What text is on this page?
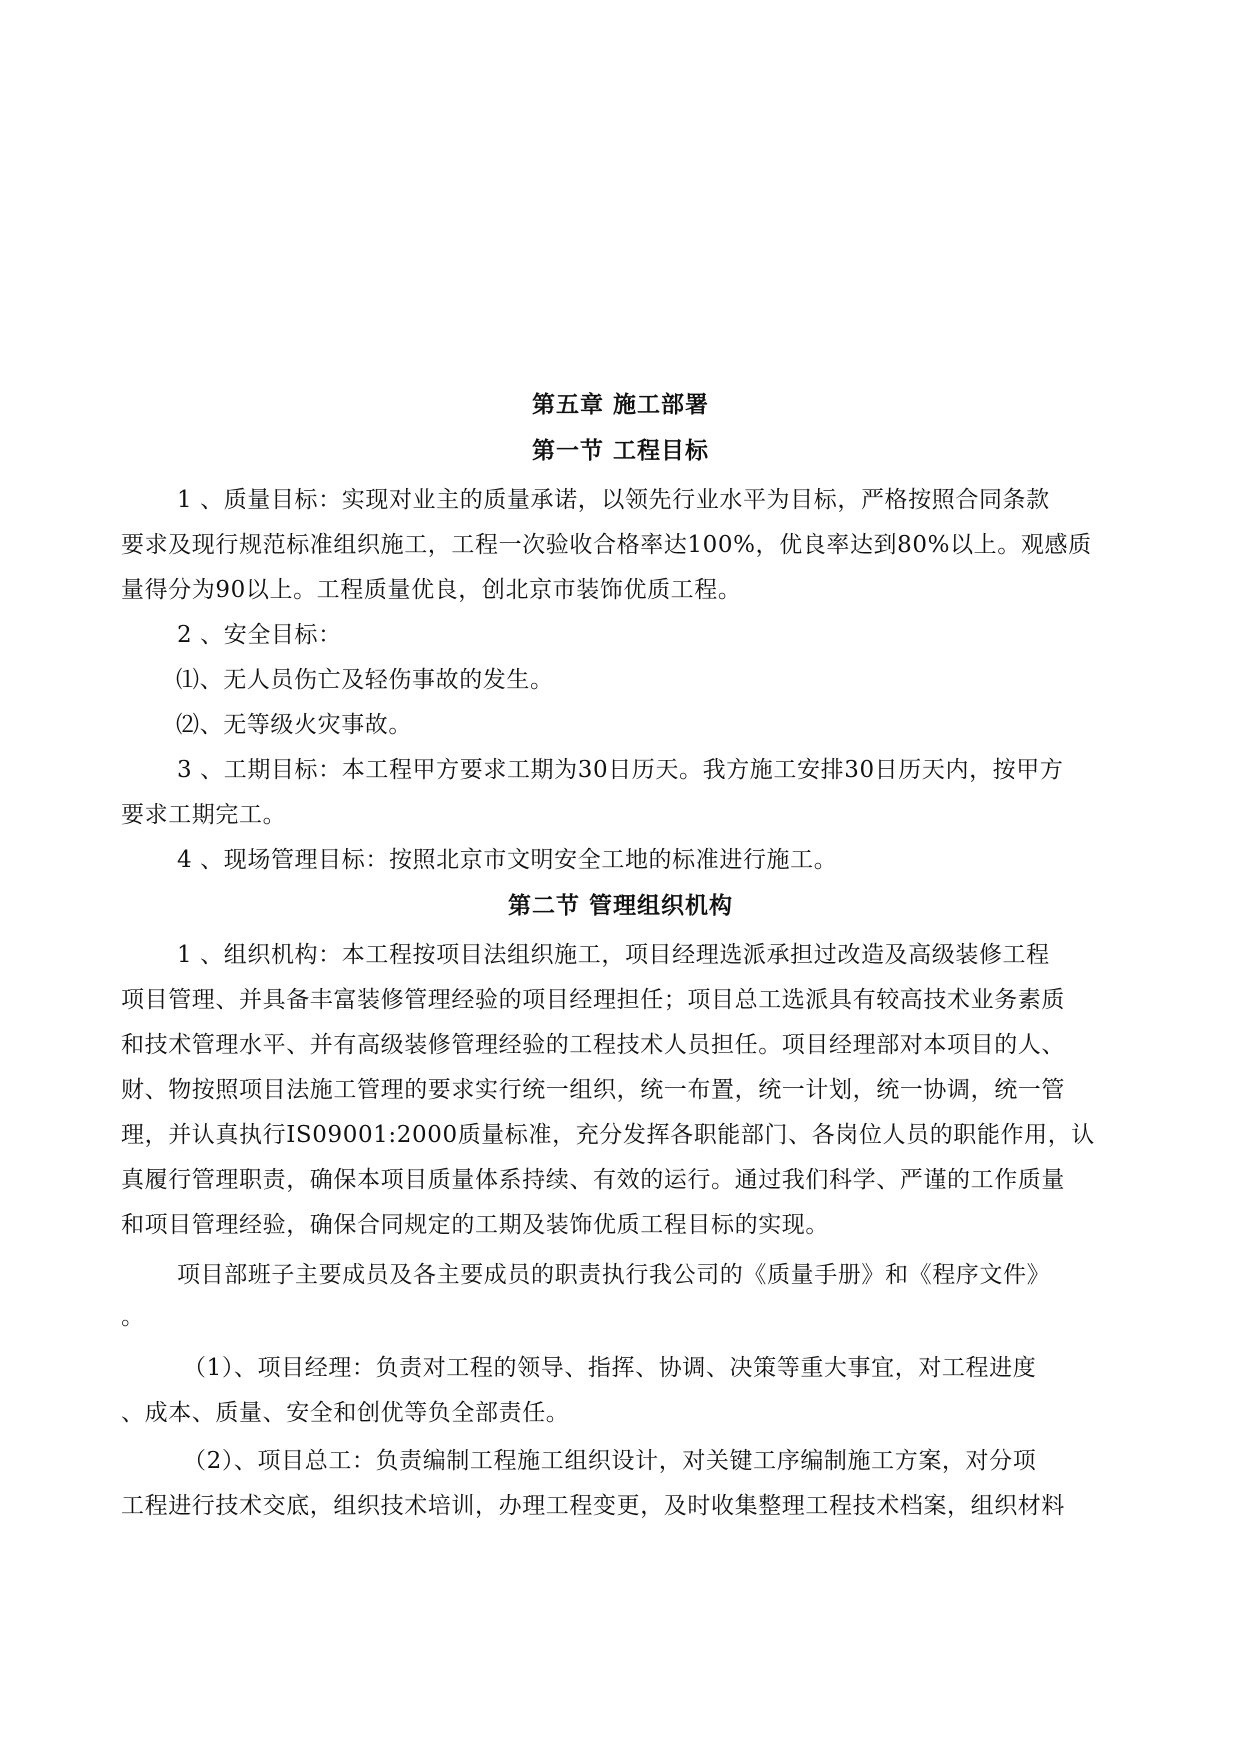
第五章 施工部署
第一节 工程目标
1 、质量目标：实现对业主的质量承诺，以领先行业水平为目标，严格按照合同条款
要求及现行规范标准组织施工，工程一次验收合格率达100%，优良率达到80%以上。观感质
量得分为90以上。工程质量优良，创北京市装饰优质工程。
2 、安全目标：
⑴、无人员伤亡及轻伤事故的发生。
⑵、无等级火灾事故。
3 、工期目标：本工程甲方要求工期为30日历天。我方施工安排30日历天内，按甲方
要求工期完工。
4 、现场管理目标：按照北京市文明安全工地的标准进行施工。
第二节 管理组织机构
1 、组织机构：本工程按项目法组织施工，项目经理选派承担过改造及高级装修工程
项目管理、并具备丰富装修管理经验的项目经理担任；项目总工选派具有较高技术业务素质
和技术管理水平、并有高级装修管理经验的工程技术人员担任。项目经理部对本项目的人、
财、物按照项目法施工管理的要求实行统一组织，统一布置，统一计划，统一协调，统一管
理，并认真执行IS09001:2000质量标准，充分发挥各职能部门、各岗位人员的职能作用，认
真履行管理职责，确保本项目质量体系持续、有效的运行。通过我们科学、严谨的工作质量
和项目管理经验，确保合同规定的工期及装饰优质工程目标的实现。
项目部班子主要成员及各主要成员的职责执行我公司的《质量手册》和《程序文件》
。
（1）、项目经理：负责对工程的领导、指挥、协调、决策等重大事宜，对工程进度
、成本、质量、安全和创优等负全部责任。
（2）、项目总工：负责编制工程施工组织设计，对关键工序编制施工方案，对分项
工程进行技术交底，组织技术培训，办理工程变更，及时收集整理工程技术档案，组织材料
